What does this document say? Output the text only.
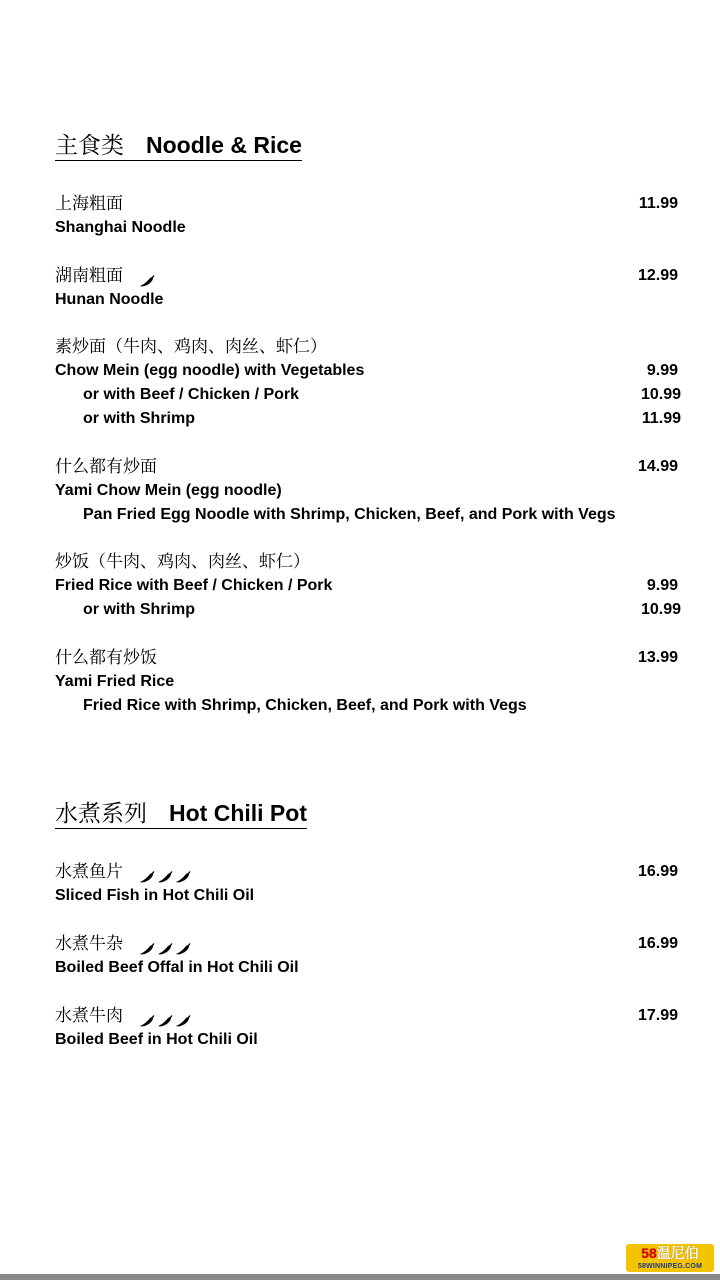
主食类 Noodle & Rice
上海粗面	11.99
Shanghai Noodle
湖南粗面	12.99
Hunan Noodle
素炒面（牛肉、鸡肉、肉丝、虾仁）
Chow Mein (egg noodle) with Vegetables	9.99
or with Beef / Chicken / Pork	10.99
or with Shrimp	11.99
什么都有炒面	14.99
Yami Chow Mein (egg noodle)
Pan Fried Egg Noodle with Shrimp, Chicken, Beef, and Pork with Vegs
炒饭（牛肉、鸡肉、肉丝、虾仁）
Fried Rice with Beef / Chicken / Pork	9.99
or with Shrimp	10.99
什么都有炒饭	13.99
Yami Fried Rice
Fried Rice with Shrimp, Chicken, Beef, and Pork with Vegs
水煮系列 Hot Chili Pot
水煮鱼片	16.99
Sliced Fish in Hot Chili Oil
水煮牛杂	16.99
Boiled Beef Offal in Hot Chili Oil
水煮牛肉	17.99
Boiled Beef in Hot Chili Oil
58温尼伯
58WINNIPEG.COM
